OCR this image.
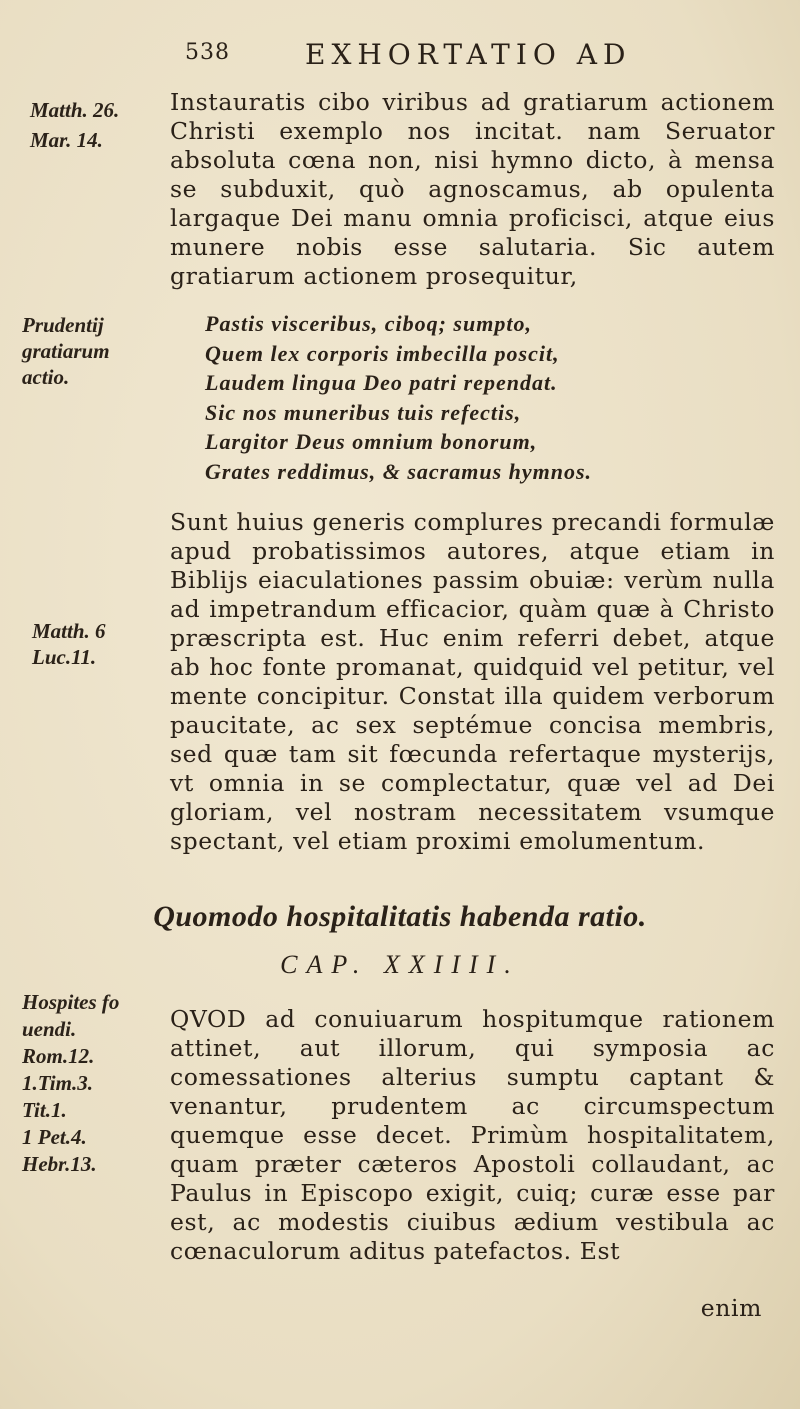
538	EXHORTATIO AD
Matth. 26.
Mar. 14.
Prudentij
gratiarum
actio.
Matth. 6
Luc.11.
Hospites fo
uendi.
Rom.12.
1.Tim.3.
Tit.1.
1 Pet.4.
Hebr.13.

Instauratis cibo viribus ad gratiarum actionem Christi exemplo nos incitat. nam Seruator absoluta cœna non, nisi hymno dicto, à mensa se subduxit, quò agnoscamus, ab opulenta largaque Dei manu omnia proficisci, atque eius munere nobis esse salutaria. Sic autem gratiarum actionem prosequitur,

Pastis visceribus, ciboq; sumpto,
Quem lex corporis imbecilla poscit,
Laudem lingua Deo patri rependat.
Sic nos muneribus tuis refectis,
Largitor Deus omnium bonorum,
Grates reddimus, & sacramus hymnos.

Sunt huius generis complures precandi formulæ apud probatissimos autores, atque etiam in Biblijs eiaculationes passim obuiæ: verùm nulla ad impetrandum efficacior, quàm quæ à Christo præscripta est. Huc enim referri debet, atque ab hoc fonte promanat, quidquid vel petitur, vel mente concipitur. Constat illa quidem verborum paucitate, ac sex septémue concisa membris, sed quæ tam sit fœcunda refertaque mysterijs, vt omnia in se complectatur, quæ vel ad Dei gloriam, vel nostram necessitatem vsumque spectant, vel etiam proximi emolumentum.

Quomodo hospitalitatis habenda ratio.
CAP. XXIIII.

QVOD ad conuiuarum hospitumque rationem attinet, aut illorum, qui symposia ac comessationes alterius sumptu captant & venantur, prudentem ac circumspectum quemque esse decet. Primùm hospitalitatem, quam præter cæteros Apostoli collaudant, ac Paulus in Episcopo exigit, cuiq; curæ esse par est, ac modestis ciuibus ædium vestibula ac cœnaculorum aditus patefactos. Est

enim
